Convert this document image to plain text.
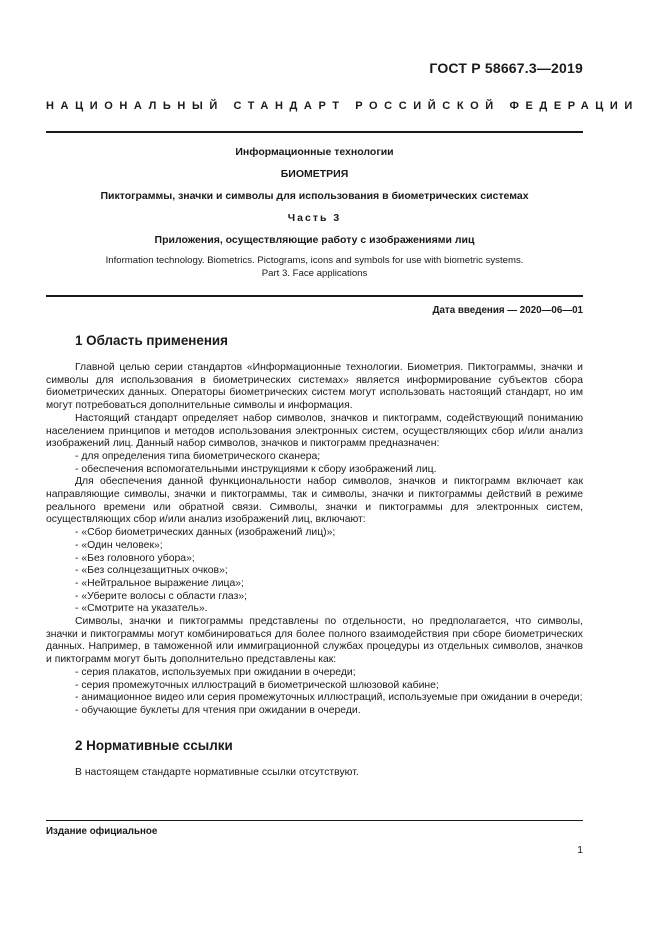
ГОСТ Р 58667.3—2019
НАЦИОНАЛЬНЫЙ СТАНДАРТ РОССИЙСКОЙ ФЕДЕРАЦИИ

Информационные технологии

БИОМЕТРИЯ

Пиктограммы, значки и символы для использования в биометрических системах

Часть 3

Приложения, осуществляющие работу с изображениями лиц

Information technology. Biometrics. Pictograms, icons and symbols for use with biometric systems.

Part 3. Face applications

Дата введения — 2020—06—01
1 Область применения

Главной целью серии стандартов «Информационные технологии. Биометрия. Пиктограммы, значки и символы для использования в биометрических системах» является информирование субъектов сбора биометрических данных. Операторы биометрических систем могут использовать настоящий стандарт, но им могут потребоваться дополнительные символы и информация.

Настоящий стандарт определяет набор символов, значков и пиктограмм, содействующий пониманию населением принципов и методов использования электронных систем, осуществляющих сбор и/или анализ изображений лиц. Данный набор символов, значков и пиктограмм предназначен:

- для определения типа биометрического сканера;

- обеспечения вспомогательными инструкциями к сбору изображений лиц.

Для обеспечения данной функциональности набор символов, значков и пиктограмм включает как направляющие символы, значки и пиктограммы, так и символы, значки и пиктограммы действий в режиме реального времени или обратной связи. Символы, значки и пиктограммы для электронных систем, осуществляющих сбор и/или анализ изображений лиц, включают:

- «Сбор биометрических данных (изображений лиц)»;

- «Один человек»;

- «Без головного убора»;

- «Без солнцезащитных очков»;

- «Нейтральное выражение лица»;

- «Уберите волосы с области глаз»;

- «Смотрите на указатель».

Символы, значки и пиктограммы представлены по отдельности, но предполагается, что символы, значки и пиктограммы могут комбинироваться для более полного взаимодействия при сборе биометрических данных. Например, в таможенной или иммиграционной службах процедуры из отдельных символов, значков и пиктограмм могут быть дополнительно представлены как:

- серия плакатов, используемых при ожидании в очереди;

- серия промежуточных иллюстраций в биометрической шлюзовой кабине;

- анимационное видео или серия промежуточных иллюстраций, используемые при ожидании в очереди;

- обучающие буклеты для чтения при ожидании в очереди.

2 Нормативные ссылки

В настоящем стандарте нормативные ссылки отсутствуют.

Издание официальное
1
